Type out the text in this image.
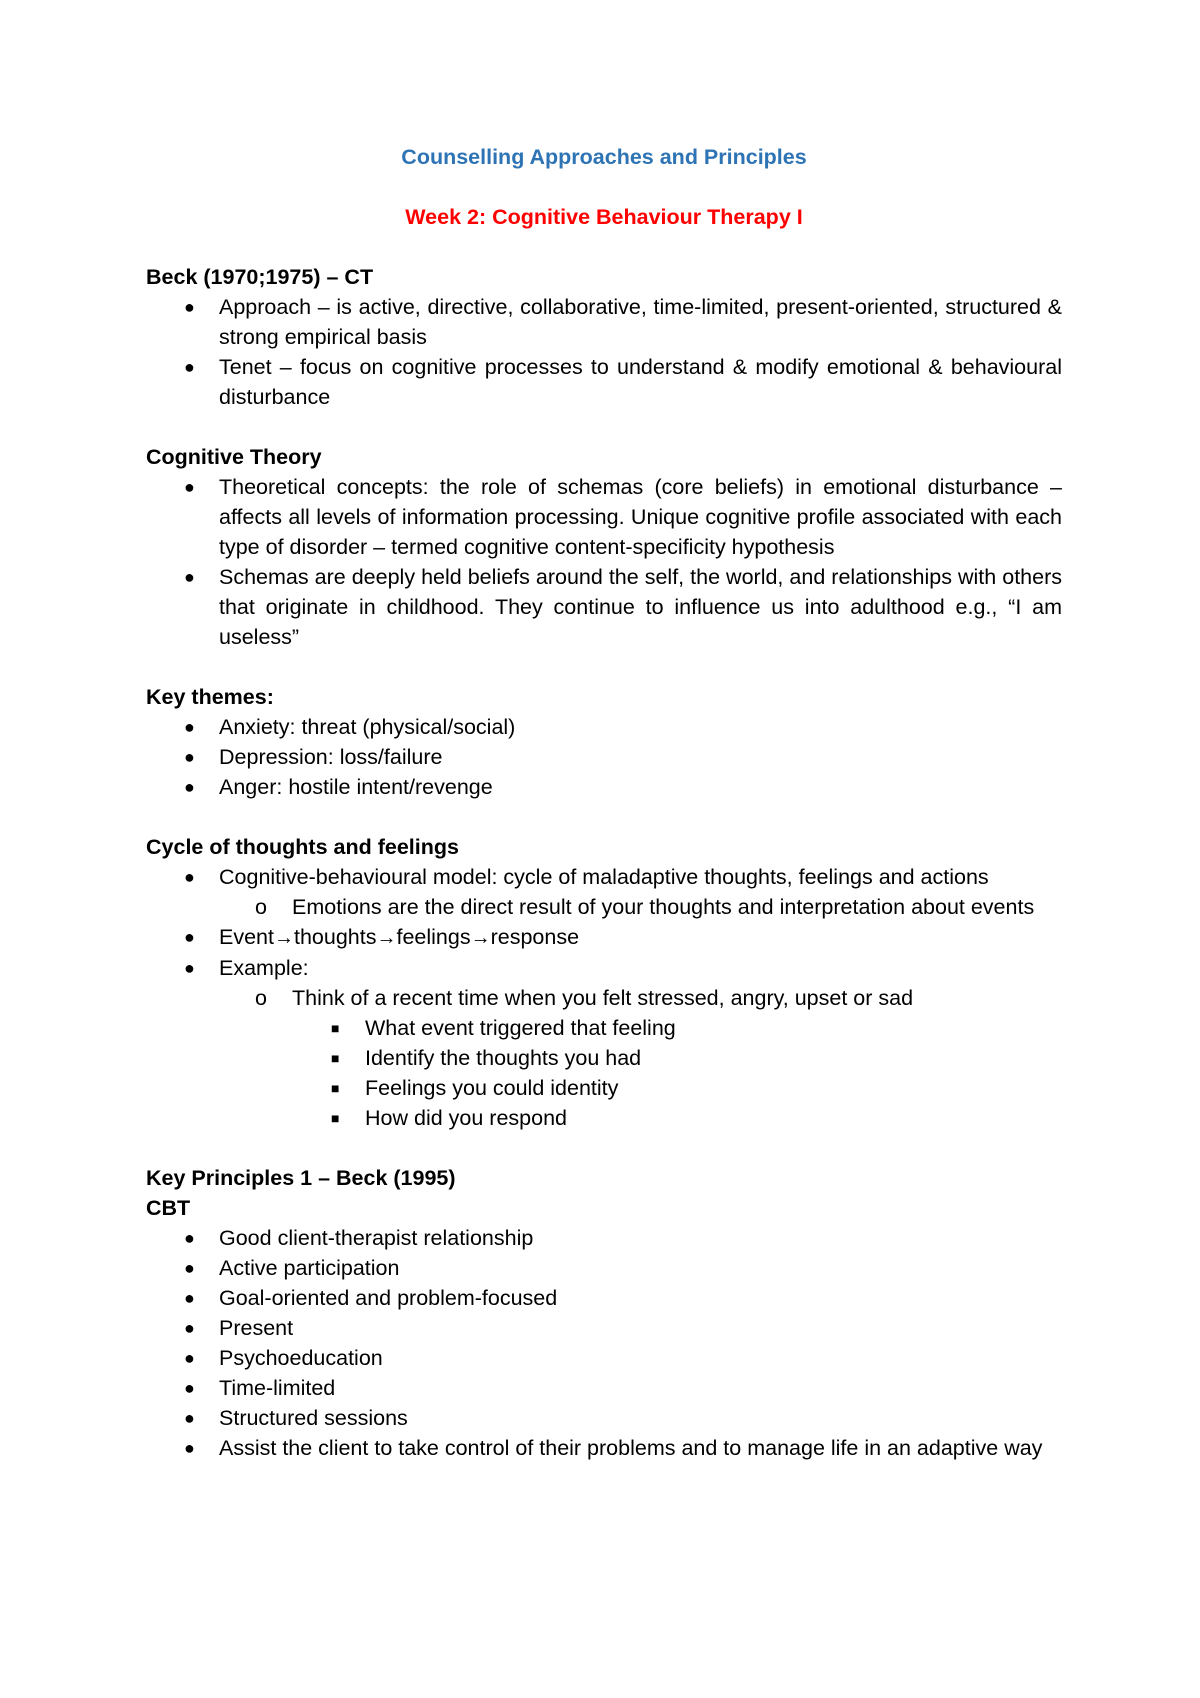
Counselling Approaches and Principles
Week 2: Cognitive Behaviour Therapy I
Beck (1970;1975) – CT
● Approach – is active, directive, collaborative, time-limited, present-oriented, structured & strong empirical basis
● Tenet – focus on cognitive processes to understand & modify emotional & behavioural disturbance
Cognitive Theory
● Theoretical concepts: the role of schemas (core beliefs) in emotional disturbance – affects all levels of information processing. Unique cognitive profile associated with each type of disorder – termed cognitive content-specificity hypothesis
● Schemas are deeply held beliefs around the self, the world, and relationships with others that originate in childhood. They continue to influence us into adulthood e.g., “I am useless”
Key themes:
● Anxiety: threat (physical/social)
● Depression: loss/failure
● Anger: hostile intent/revenge
Cycle of thoughts and feelings
● Cognitive-behavioural model: cycle of maladaptive thoughts, feelings and actions
o Emotions are the direct result of your thoughts and interpretation about events
● Event→thoughts→feelings→response
● Example:
o Think of a recent time when you felt stressed, angry, upset or sad
■ What event triggered that feeling
■ Identify the thoughts you had
■ Feelings you could identity
■ How did you respond
Key Principles 1 – Beck (1995)
CBT
● Good client-therapist relationship
● Active participation
● Goal-oriented and problem-focused
● Present
● Psychoeducation
● Time-limited
● Structured sessions
● Assist the client to take control of their problems and to manage life in an adaptive way
